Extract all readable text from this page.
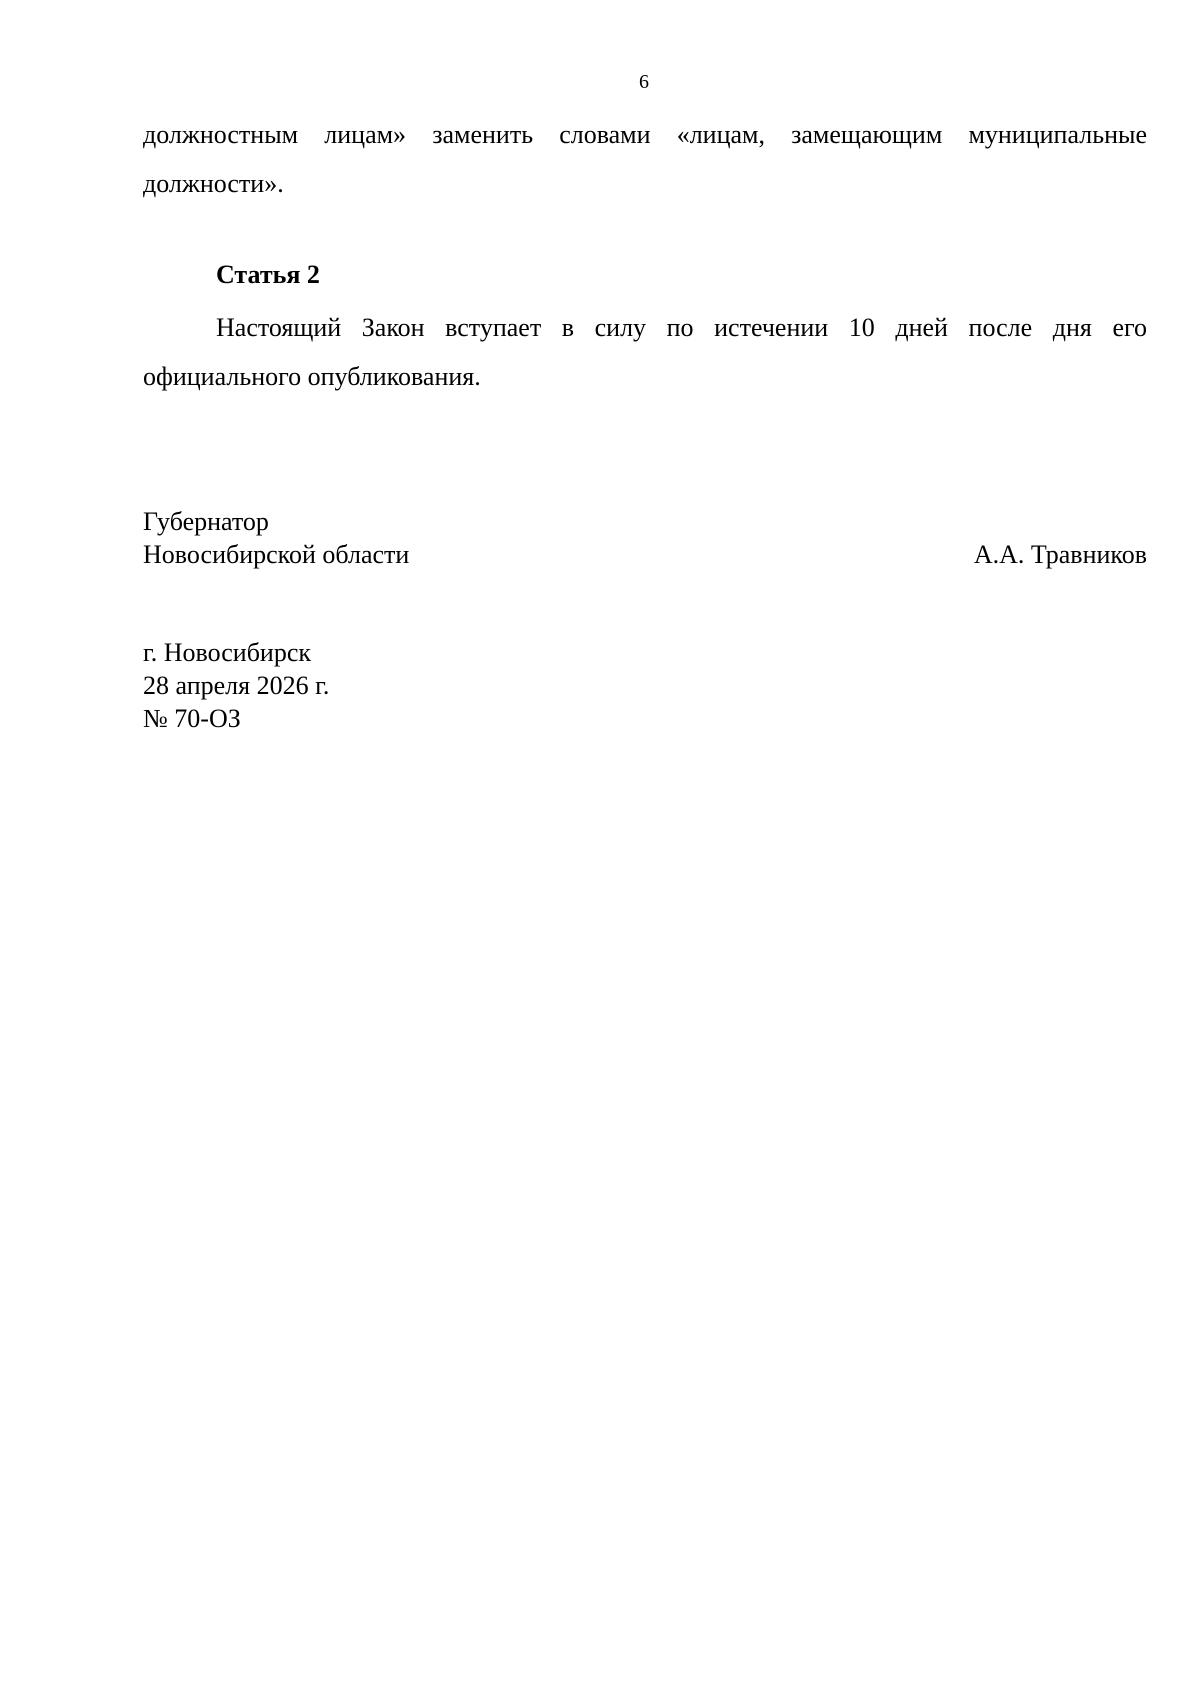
6

должностным лицам» заменить словами «лицам, замещающим муниципальные должности».

Статья 2

Настоящий Закон вступает в силу по истечении 10 дней после дня его официального опубликования.

Губернатор
Новосибирской области	А.А. Травников
г. Новосибирск
28 апреля 2026 г.
№ 70-ОЗ
